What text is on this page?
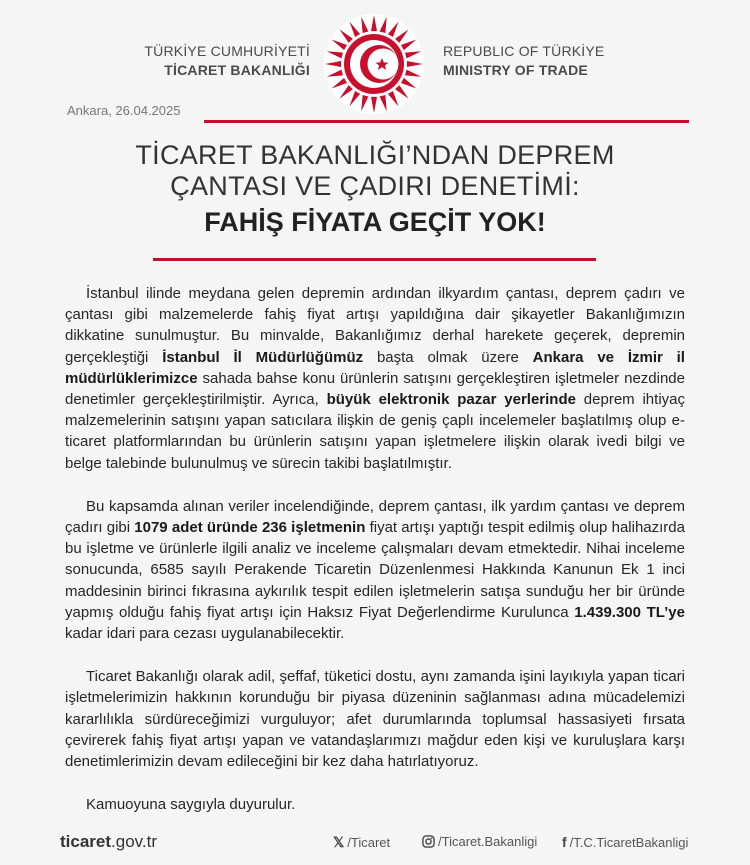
TÜRKİYE CUMHURİYETİ
TİCARET BAKANLIĞI
REPUBLIC OF TÜRKİYE
MINISTRY OF TRADE
Ankara, 26.04.2025
TİCARET BAKANLIĞI’NDAN DEPREM
ÇANTASI VE ÇADIRI DENETİMİ:
FAHİŞ FİYATA GEÇİT YOK!

İstanbul ilinde meydana gelen depremin ardından ilkyardım çantası, deprem çadırı ve çantası gibi malzemelerde fahiş fiyat artışı yapıldığına dair şikayetler Bakanlığımızın dikkatine sunulmuştur. Bu minvalde, Bakanlığımız derhal harekete geçerek, depremin gerçekleştiği İstanbul İl Müdürlüğümüz başta olmak üzere Ankara ve İzmir il müdürlüklerimizce sahada bahse konu ürünlerin satışını gerçekleştiren işletmeler nezdinde denetimler gerçekleştirilmiştir. Ayrıca, büyük elektronik pazar yerlerinde deprem ihtiyaç malzemelerinin satışını yapan satıcılara ilişkin de geniş çaplı incelemeler başlatılmış olup e-ticaret platformlarından bu ürünlerin satışını yapan işletmelere ilişkin olarak ivedi bilgi ve belge talebinde bulunulmuş ve sürecin takibi başlatılmıştır.

Bu kapsamda alınan veriler incelendiğinde, deprem çantası, ilk yardım çantası ve deprem çadırı gibi 1079 adet üründe 236 işletmenin fiyat artışı yaptığı tespit edilmiş olup halihazırda bu işletme ve ürünlerle ilgili analiz ve inceleme çalışmaları devam etmektedir. Nihai inceleme sonucunda, 6585 sayılı Perakende Ticaretin Düzenlenmesi Hakkında Kanunun Ek 1 inci maddesinin birinci fıkrasına aykırılık tespit edilen işletmelerin satışa sunduğu her bir üründe yapmış olduğu fahiş fiyat artışı için Haksız Fiyat Değerlendirme Kurulunca 1.439.300 TL’ye kadar idari para cezası uygulanabilecektir.

Ticaret Bakanlığı olarak adil, şeffaf, tüketici dostu, aynı zamanda işini layıkıyla yapan ticari işletmelerimizin hakkının korunduğu bir piyasa düzeninin sağlanması adına mücadelemizi kararlılıkla sürdüreceğimizi vurguluyor; afet durumlarında toplumsal hassasiyeti fırsata çevirerek fahiş fiyat artışı yapan ve vatandaşlarımızı mağdur eden kişi ve kuruluşlara karşı denetimlerimizin devam edileceğini bir kez daha hatırlatıyoruz.

Kamuoyuna saygıyla duyurulur.

ticaret.gov.tr	𝕏 /Ticaret	/Ticaret.Bakanligi f /T.C.TicaretBakanligi
